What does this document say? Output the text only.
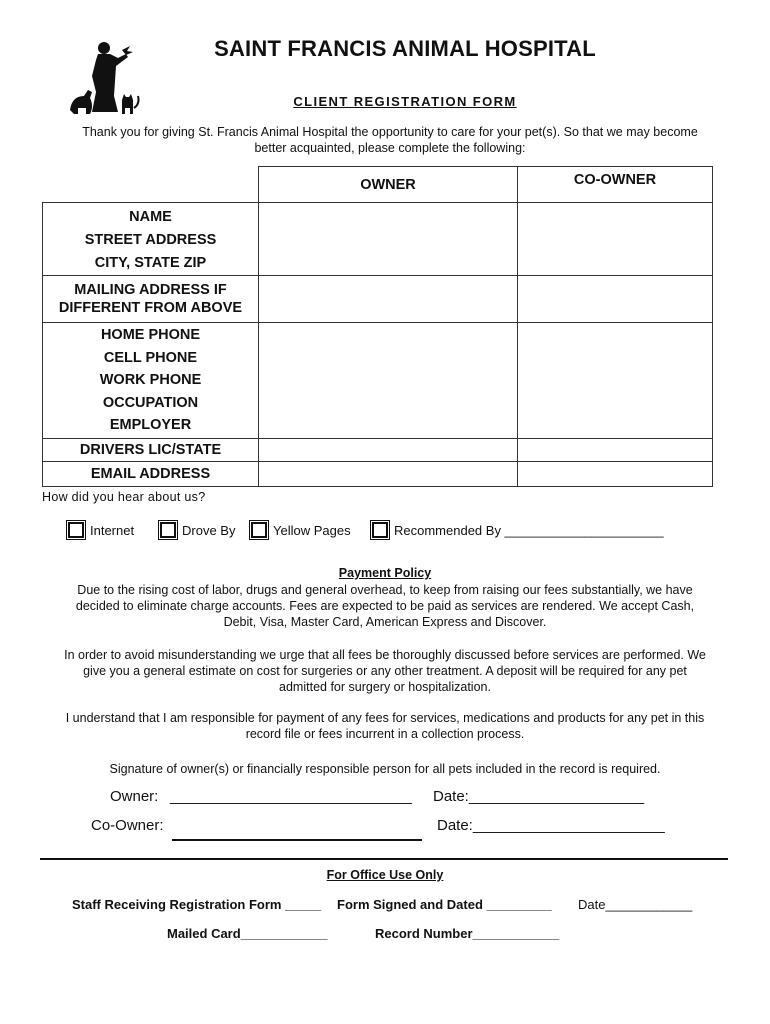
SAINT FRANCIS ANIMAL HOSPITAL
CLIENT REGISTRATION FORM
Thank you for giving St. Francis Animal Hospital the opportunity to care for your pet(s). So that we may become
better acquainted, please complete the following:
	OWNER	CO-OWNER

NAME
STREET ADDRESS
CITY, STATE ZIP		

MAILING ADDRESS IF DIFFERENT FROM ABOVE		

HOME PHONE
CELL PHONE
WORK PHONE
OCCUPATION
EMPLOYER		

DRIVERS LIC/STATE		
EMAIL ADDRESS		
How did you hear about us?
Internet	Drove By	Yellow Pages	Recommended By ______________________
Payment Policy
Due to the rising cost of labor, drugs and general overhead, to keep from raising our fees substantially, we have decided to eliminate charge accounts. Fees are expected to be paid as services are rendered. We accept Cash, Debit, Visa, Master Card, American Express and Discover.
In order to avoid misunderstanding we urge that all fees be thoroughly discussed before services are performed. We give you a general estimate on cost for surgeries or any other treatment. A deposit will be required for any pet admitted for surgery or hospitalization.
I understand that I am responsible for payment of any fees for services, medications and products for any pet in this record file or fees incurrent in a collection process.
Signature of owner(s) or financially responsible person for all pets included in the record is required.
Owner: _____________________________ Date:_____________________
Co-Owner:	Date:_______________________
For Office Use Only
Staff Receiving Registration Form _____ Form Signed and Dated _________ Date____________
Mailed Card____________	Record Number____________
